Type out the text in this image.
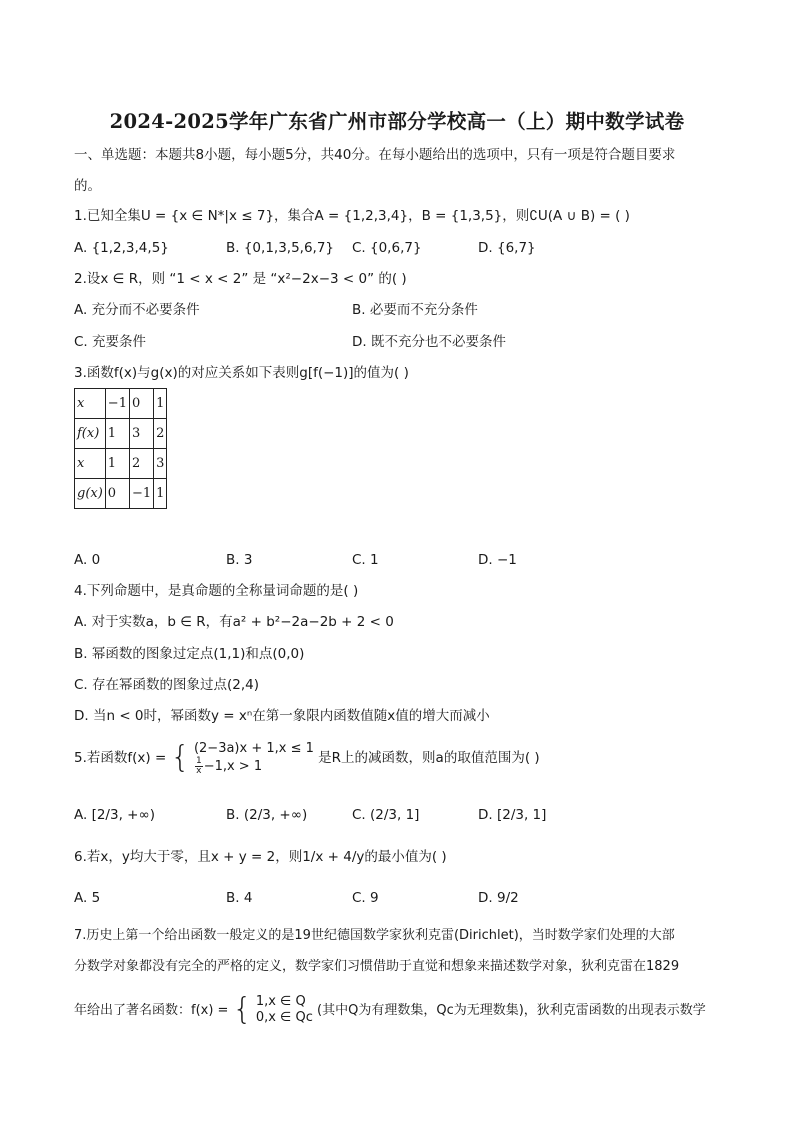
2024-2025学年广东省广州市部分学校高一（上）期中数学试卷
一、单选题：本题共8小题，每小题5分，共40分。在每小题给出的选项中，只有一项是符合题目要求
的。
1.已知全集U = {x ∈ N*|x ≤ 7}，集合A = {1,2,3,4}，B = {1,3,5}，则∁U(A ∪ B) = ( )
A. {1,2,3,4,5}	B. {0,1,3,5,6,7} C. {0,6,7}	D. {6,7}
2.设x ∈ R，则 “1 < x < 2” 是 “x²−2x−3 < 0” 的( )
A. 充分而不必要条件	B. 必要而不充分条件
C. 充要条件	D. 既不充分也不必要条件
3.函数f(x)与g(x)的对应关系如下表则g[f(−1)]的值为( )
x	−1	0	1
f(x)	1	3	2
x	1	2	3
g(x)	0	−1	1
A. 0	B. 3	C. 1	D. −1
4.下列命题中，是真命题的全称量词命题的是( )
A. 对于实数a，b ∈ R，有a² + b²−2a−2b + 2 < 0
B. 幂函数的图象过定点(1,1)和点(0,0)
C. 存在幂函数的图象过点(2,4)
D. 当n < 0时，幂函数y = xⁿ在第一象限内函数值随x值的增大而减小
5.若函数f(x) = { (2−3a)x + 1,x ≤ 1
$\frac{1}{x} -1,x > 1$	是R上的减函数，则a的取值范围为( )
A. [2/3, +∞)	B. (2/3, +∞)	C. (2/3, 1]	D. [2/3, 1]
6.若x，y均大于零，且x + y = 2，则1/x + 4/y的最小值为( )
A. 5	B. 4	C. 9	D. 9/2
7.历史上第一个给出函数一般定义的是19世纪德国数学家狄利克雷(Dirichlet)，当时数学家们处理的大部
分数学对象都没有完全的严格的定义，数学家们习惯借助于直觉和想象来描述数学对象，狄利克雷在1829
年给出了著名函数：f(x) = { 1,x ∈ Q
0,x ∈ Qc (其中Q为有理数集，Qc为无理数集)，狄利克雷函数的出现表示数学
